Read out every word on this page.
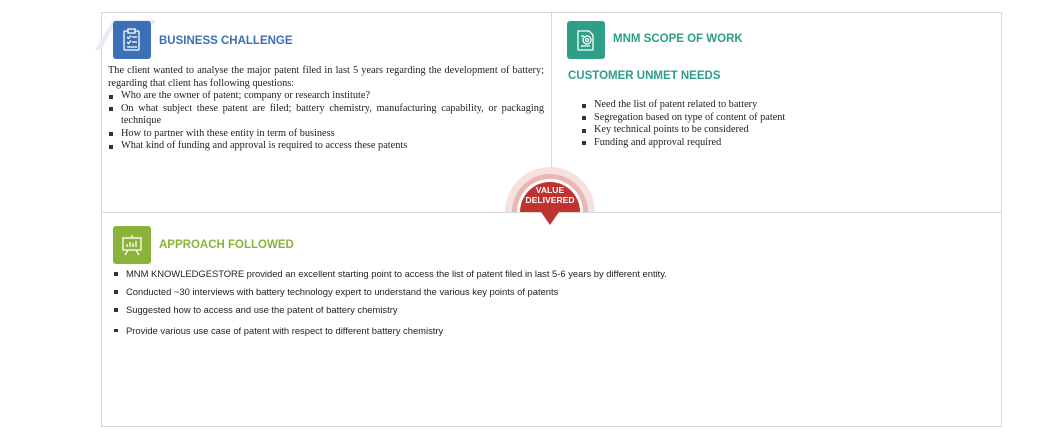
BUSINESS CHALLENGE
The client wanted to analyse the major patent filed in last 5 years regarding the development of battery; regarding that client has following questions:
Who are the owner of patent; company or research institute?
On what subject these patent are filed; battery chemistry, manufacturing capability, or packaging technique
How to partner with these entity in term of business
What kind of funding and approval is required to access these patents
MNM SCOPE OF WORK
CUSTOMER UNMET NEEDS
Need the list of patent related to battery
Segregation based on type of content of patent
Key technical points to be considered
Funding and approval required
VALUE
DELIVERED
APPROACH FOLLOWED
MNM KNOWLEDGESTORE provided an excellent starting point to access the list of patent filed in last 5-6 years by different entity.
Conducted ~30 interviews with battery technology expert to understand the various key points of patents
Suggested how to access and use the patent of battery chemistry
Provide various use case of patent with respect to different battery chemistry
